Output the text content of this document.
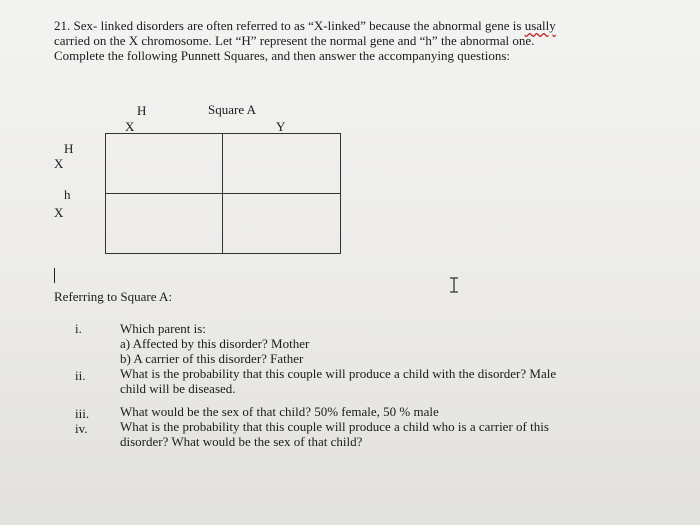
21. Sex- linked disorders are often referred to as “X-linked” because the abnormal gene is usally
carried on the X chromosome. Let “H” represent the normal gene and “h” the abnormal one.
Complete the following Punnett Squares, and then answer the accompanying questions:
H
X
Square A
Y
H
X
h
X
Referring to Square A:
i.	Which parent is:
a) Affected by this disorder? Mother
b) A carrier of this disorder? Father
ii.	What is the probability that this couple will produce a child with the disorder? Male
child will be diseased.
iii. What would be the sex of that child? 50% female, 50 % male
iv. What is the probability that this couple will produce a child who is a carrier of this
disorder? What would be the sex of that child?
